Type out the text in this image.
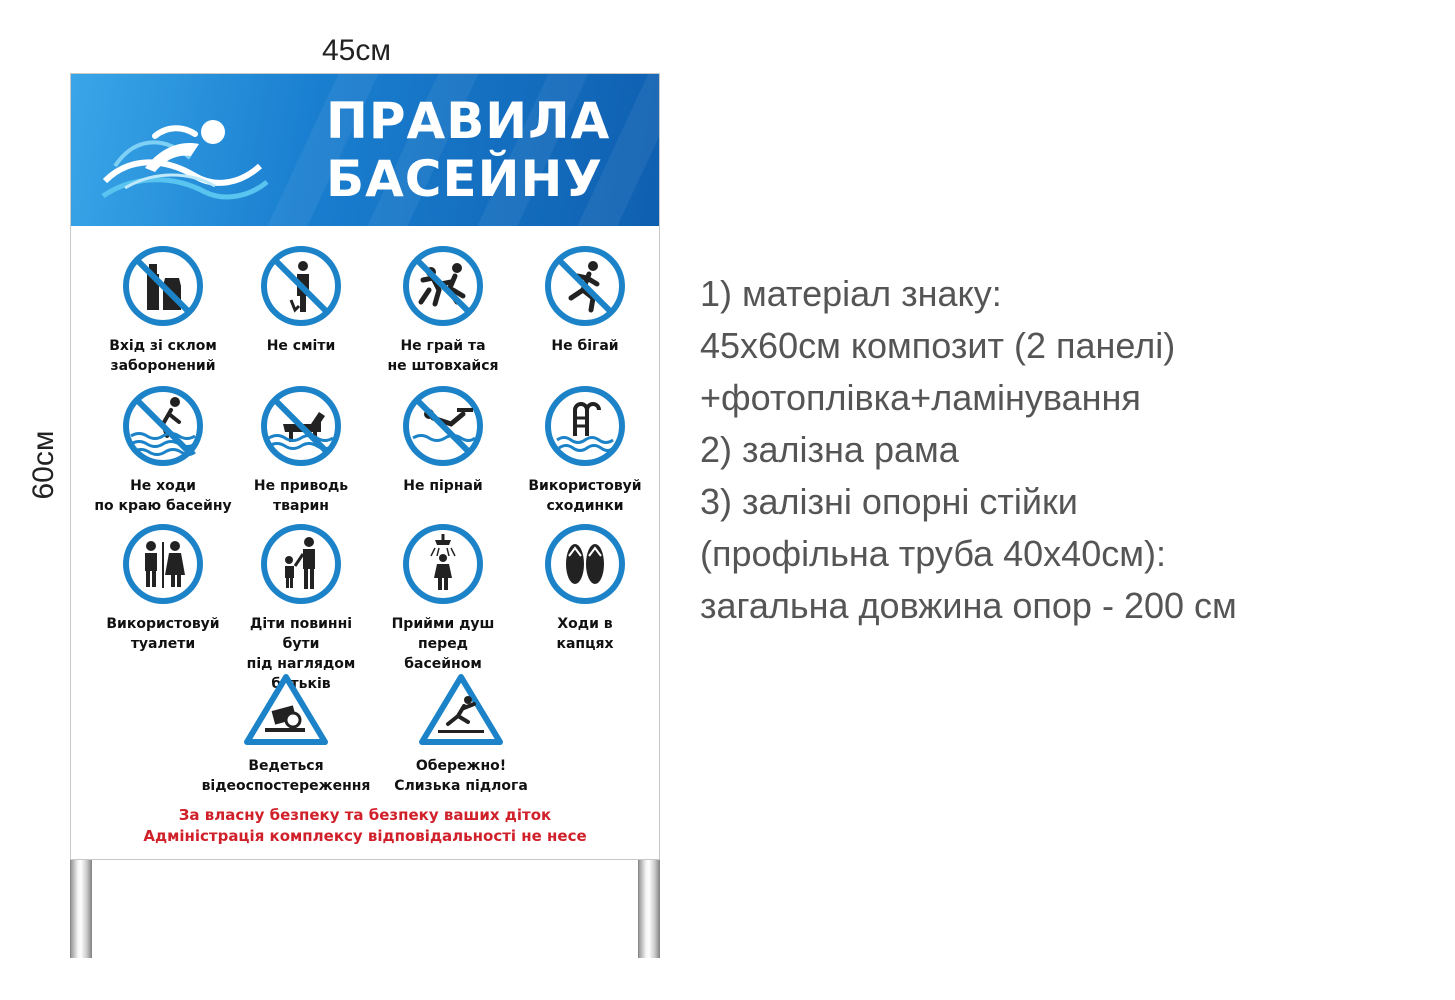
45см
60см
ПРАВИЛА
БАСЕЙНУ
Вхід зі склом
заборонений
Не сміти	Не грай та
не штовхайся
Не бігай
Не ходи
по краю басейну
Не приводь
тварин
Не пірнай	Використовуй
сходинки
Використовуй
туалети
Діти повинні бути
під наглядом
батьків
Прийми душ
перед
басейном
Ходи в
капцях
Ведеться
відеоспостереження
Обережно!
Слизька підлога
За власну безпеку та безпеку ваших діток
Адміністрація комплексу відповідальності не несе
1) матеріал знаку:
45х60см композит (2 панелі)
+фотоплівка+ламінування
2) залізна рама
3) залізні опорні стійки
(профільна труба 40х40см):
загальна довжина опор - 200 см
